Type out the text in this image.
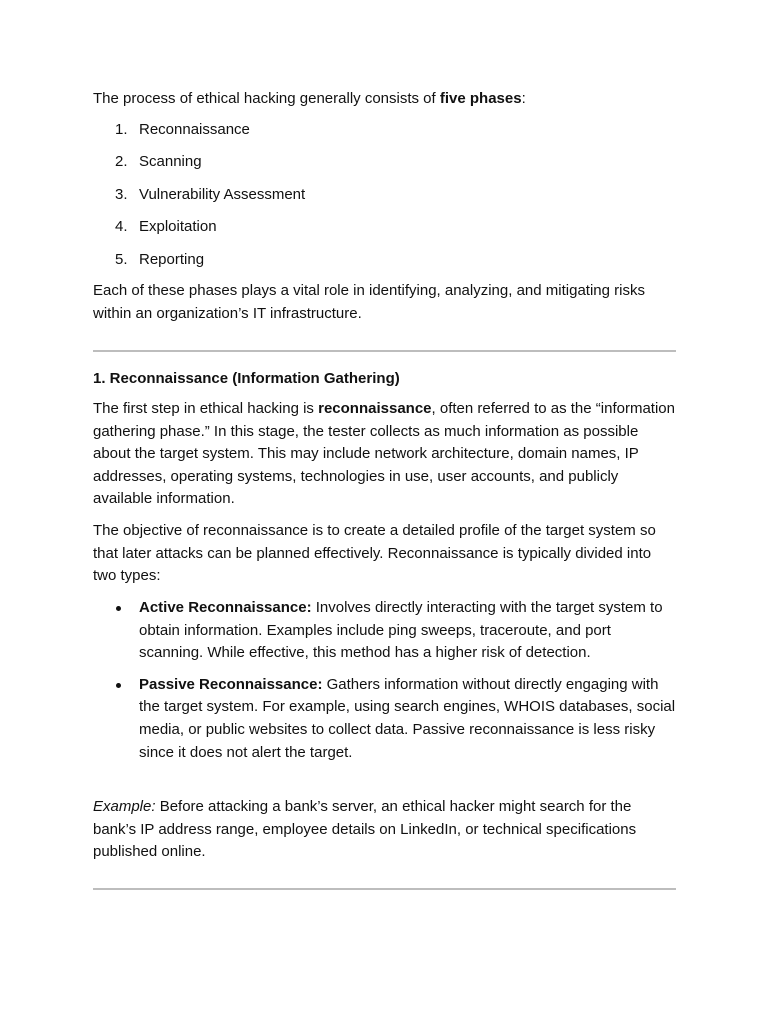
The process of ethical hacking generally consists of five phases:

1. Reconnaissance
2. Scanning
3. Vulnerability Assessment
4. Exploitation
5. Reporting

Each of these phases plays a vital role in identifying, analyzing, and mitigating risks within an organization’s IT infrastructure.

1. Reconnaissance (Information Gathering)

The first step in ethical hacking is reconnaissance, often referred to as the “information gathering phase.” In this stage, the tester collects as much information as possible about the target system. This may include network architecture, domain names, IP addresses, operating systems, technologies in use, user accounts, and publicly available information.

The objective of reconnaissance is to create a detailed profile of the target system so that later attacks can be planned effectively. Reconnaissance is typically divided into two types:

Active Reconnaissance: Involves directly interacting with the target system to obtain information. Examples include ping sweeps, traceroute, and port scanning. While effective, this method has a higher risk of detection.
Passive Reconnaissance: Gathers information without directly engaging with the target system. For example, using search engines, WHOIS databases, social media, or public websites to collect data. Passive reconnaissance is less risky since it does not alert the target.

Example: Before attacking a bank’s server, an ethical hacker might search for the bank’s IP address range, employee details on LinkedIn, or technical specifications published online.
